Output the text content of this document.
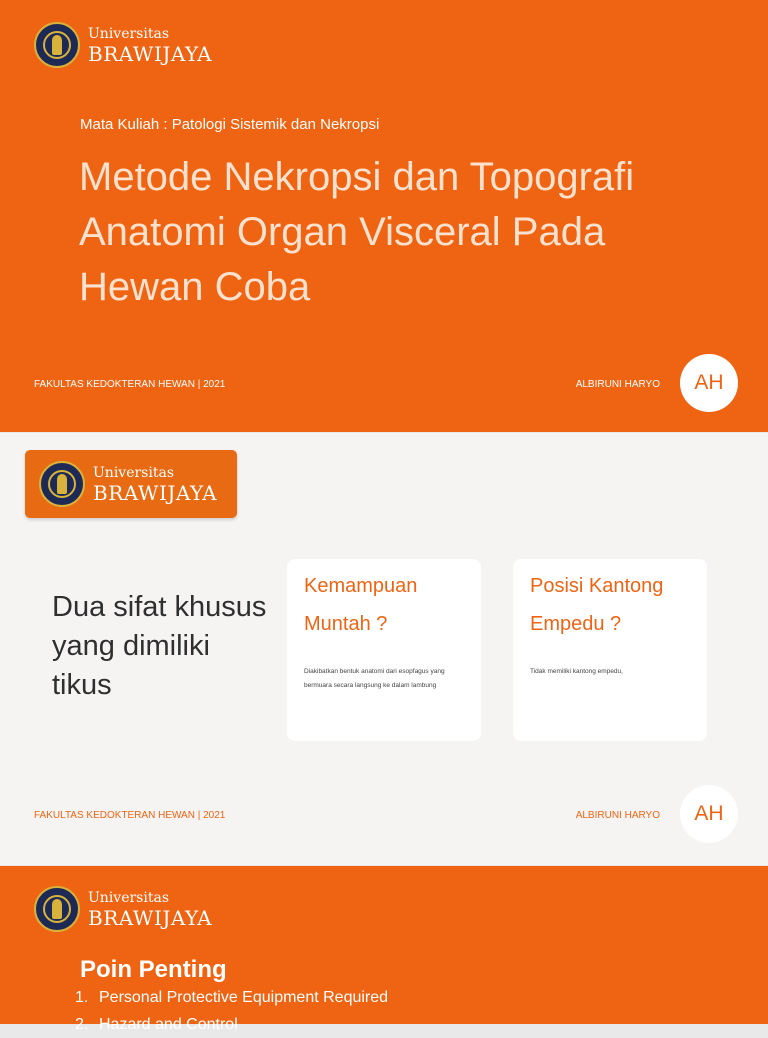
Universitas
BRAWIJAYA
Mata Kuliah : Patologi Sistemik dan Nekropsi
Metode Nekropsi dan Topografi Anatomi Organ Visceral Pada Hewan Coba
FAKULTAS KEDOKTERAN HEWAN | 2021	ALBIRUNI HARYO	AH
Universitas
BRAWIJAYA
Dua sifat khusus yang dimiliki tikus
Kemampuan Muntah ?
Diakibatkan bentuk anatomi dari esopfagus yang bermuara secara langsung ke dalam lambung
Posisi Kantong Empedu ?
Tidak memiliki kantong empedu,
FAKULTAS KEDOKTERAN HEWAN | 2021	ALBIRUNI HARYO	AH
Universitas
BRAWIJAYA
Poin Penting
1. Personal Protective Equipment Required
2. Hazard and Control
